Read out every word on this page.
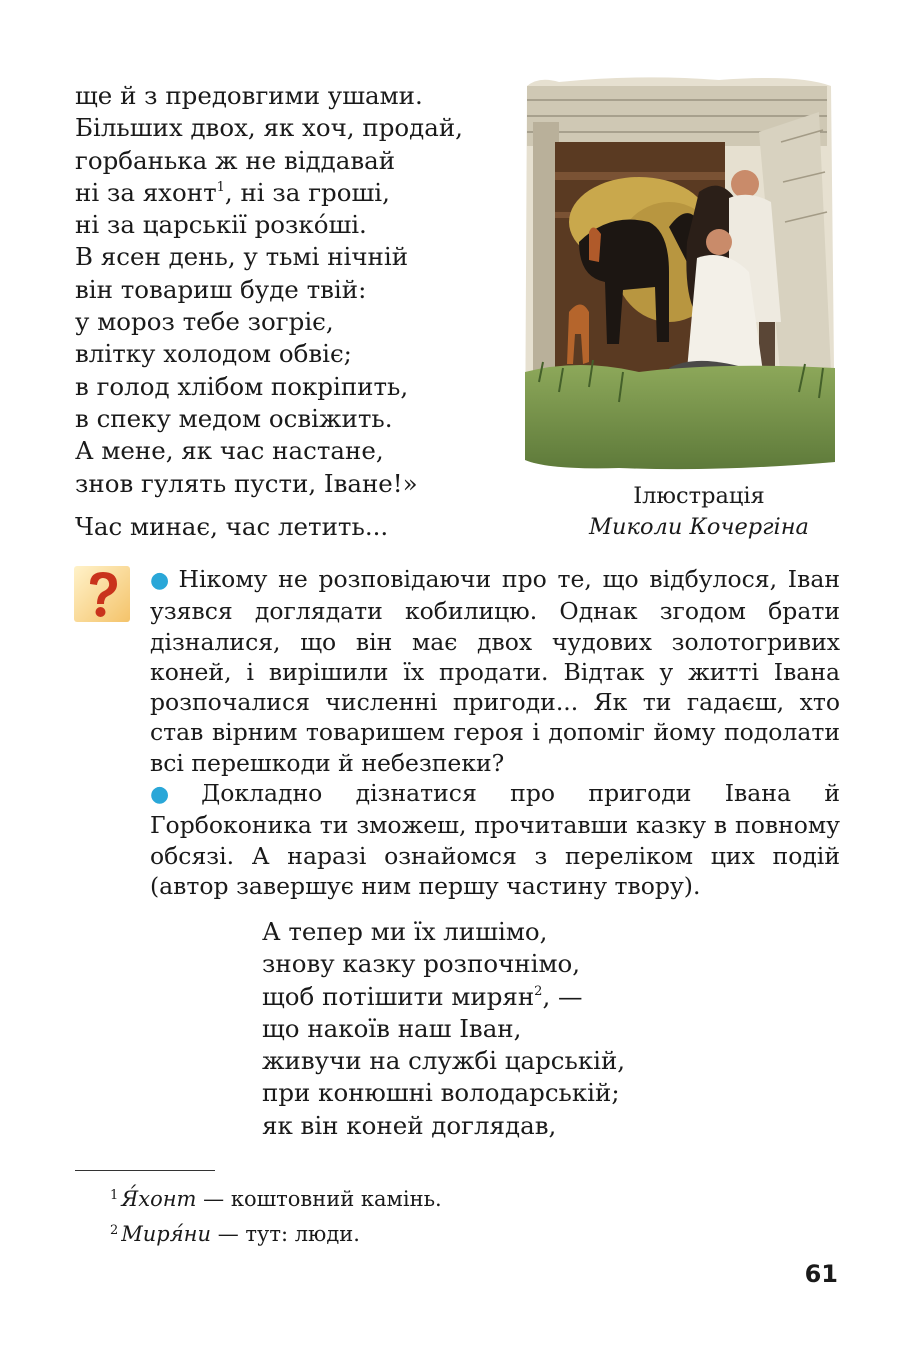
ще й з предовгими ушами.
Більших двох, як хоч, продай,
горбанька ж не віддавай
ні за яхонт$^1$, ні за гроші,
ні за царськії розко́ші.
В ясен день, у тьмі нічній
він товариш буде твій:
у мороз тебе зогріє,
влітку холодом обвіє;
в голод хлібом покріпить,
в спеку медом освіжить.
А мене, як час настане,
знов гулять пусти, Іване!»
Час минає, час летить...
Ілюстрація
Миколи Кочергіна

● Нікому не розповідаючи про те, що відбулося, Іван узявся доглядати кобилицю. Однак згодом брати дізналися, що він має двох чудових золотогривих коней, і вирішили їх продати. Відтак у житті Івана розпочалися численні пригоди... Як ти гадаєш, хто став вірним товаришем героя і допоміг йому подолати всі перешкоди й небезпеки?

● Докладно дізнатися про пригоди Івана й Горбоконика ти зможеш, прочитавши казку в повному обсязі. А наразі ознайомся з переліком цих подій (автор завершує ним першу частину твору).

А тепер ми їх лишімо,
знову казку розпочнімо,
щоб потішити мирян$^2$, —
що накоїв наш Іван,
живучи на службі царській,
при конюшні володарській;
як він коней доглядав,
$^1$ Я́хонт — коштовний камінь.
$^2$ Миря́ни — тут: люди.
61
